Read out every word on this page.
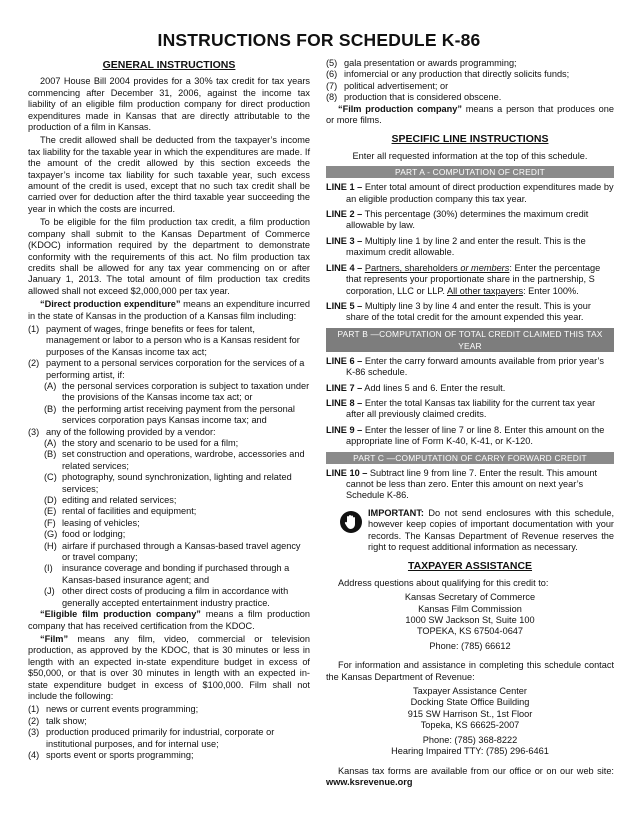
INSTRUCTIONS FOR SCHEDULE K-86
GENERAL INSTRUCTIONS

2007 House Bill 2004 provides for a 30% tax credit for tax years commencing after December 31, 2006, against the income tax liability of an eligible film production company for direct production expenditures made in Kansas that are directly attributable to the production of a film in Kansas.

The credit allowed shall be deducted from the taxpayer’s income tax liability for the taxable year in which the expenditures are made. If the amount of the credit allowed by this section exceeds the taxpayer’s income tax liability for such taxable year, such excess amount of the credit is used, except that no such tax credit shall be carried over for deduction after the third taxable year succeeding the year in which the costs are incurred.

To be eligible for the film production tax credit, a film production company shall submit to the Kansas Department of Commerce (KDOC) information required by the department to demonstrate conformity with the requirements of this act. No film production tax credits shall be allowed for any tax year commencing on or after January 1, 2013. The total amount of film production tax credits allowed shall not exceed $2,000,000 per tax year.

“Direct production expenditure” means an expenditure incurred in the state of Kansas in the production of a Kansas film including:

(1) payment of wages, fringe benefits or fees for talent, management or labor to a person who is a Kansas resident for purposes of the Kansas income tax act;
(2) payment to a personal services corporation for the services of a performing artist, if:
(A) the personal services corporation is subject to taxation under the provisions of the Kansas income tax act; or
(B) the performing artist receiving payment from the personal services corporation pays Kansas income tax; and
(3) any of the following provided by a vendor:
(A) the story and scenario to be used for a film;
(B) set construction and operations, wardrobe, accessories and related services;
(C) photography, sound synchronization, lighting and related services;
(D) editing and related services;
(E) rental of facilities and equipment;
(F) leasing of vehicles;
(G) food or lodging;
(H) airfare if purchased through a Kansas-based travel agency or travel company;
(I)	insurance coverage and bonding if purchased through a Kansas-based insurance agent; and
(J) other direct costs of producing a film in accordance with generally accepted entertainment industry practice.

“Eligible film production company” means a film production company that has received certification from the KDOC.

“Film” means any film, video, commercial or television production, as approved by the KDOC, that is 30 minutes or less in length with an expected in-state expenditure budget in excess of $50,000, or that is over 30 minutes in length with an expected in-state expenditure budget in excess of $100,000. Film shall not include the following:

(1) news or current events programming;
(2) talk show;
(3) production produced primarily for industrial, corporate or institutional purposes, and for internal use;
(4) sports event or sports programming;
(5) gala presentation or awards programming;
(6) infomercial or any production that directly solicits funds;
(7) political advertisement; or
(8) production that is considered obscene.

“Film production company” means a person that produces one or more films.

SPECIFIC LINE INSTRUCTIONS

Enter all requested information at the top of this schedule.

PART A - COMPUTATION OF CREDIT

LINE 1 – Enter total amount of direct production expenditures made by an eligible production company this tax year.

LINE 2 – This percentage (30%) determines the maximum credit allowable by law.

LINE 3 – Multiply line 1 by line 2 and enter the result. This is the maximum credit allowable.

LINE 4 – Partners, shareholders or members: Enter the percentage that represents your proportionate share in the partnership, S corporation, LLC or LLP. All other taxpayers: Enter 100%.

LINE 5 – Multiply line 3 by line 4 and enter the result. This is your share of the total credit for the amount expended this year.

PART B —COMPUTATION OF TOTAL CREDIT CLAIMED THIS TAX YEAR

LINE 6 – Enter the carry forward amounts available from prior year’s K-86 schedule.

LINE 7 – Add lines 5 and 6. Enter the result.

LINE 8 – Enter the total Kansas tax liability for the current tax year after all previously claimed credits.

LINE 9 – Enter the lesser of line 7 or line 8. Enter this amount on the appropriate line of Form K-40, K-41, or K-120.

PART C —COMPUTATION OF CARRY FORWARD CREDIT

LINE 10 – Subtract line 9 from line 7. Enter the result. This amount cannot be less than zero. Enter this amount on next year’s Schedule K-86.

IMPORTANT: Do not send enclosures with this schedule, however keep copies of important documentation with your records. The Kansas Department of Revenue reserves the right to request additional information as necessary.

TAXPAYER ASSISTANCE

Address questions about qualifying for this credit to:

Kansas Secretary of Commerce

Kansas Film Commission

1000 SW Jackson St, Suite 100

TOPEKA, KS 67504-0647

Phone: (785) 66612

For information and assistance in completing this schedule contact the Kansas Department of Revenue:

Taxpayer Assistance Center

Docking State Office Building

915 SW Harrison St., 1st Floor

Topeka, KS 66625-2007

Phone: (785) 368-8222

Hearing Impaired TTY: (785) 296-6461

Kansas tax forms are available from our office or on our web site: www.ksrevenue.org
